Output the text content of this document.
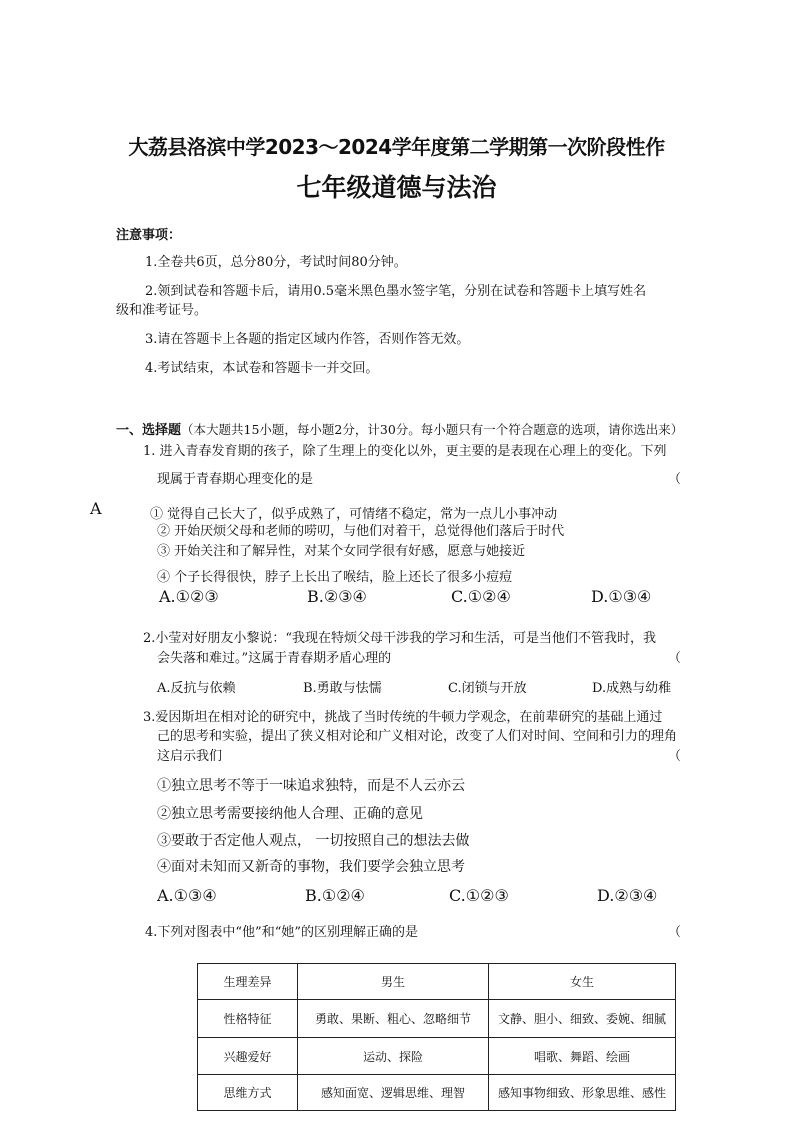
大荔县洛滨中学2023～2024学年度第二学期第一次阶段性作
七年级道德与法治
注意事项：
1.全卷共6页，总分80分，考试时间80分钟。
2.领到试卷和答题卡后，请用0.5毫米黑色墨水签字笔，分别在试卷和答题卡上填写姓名
级和准考证号。
3.请在答题卡上各题的指定区域内作答，否则作答无效。
4.考试结束，本试卷和答题卡一并交回。
一、选择题（本大题共15小题，每小题2分，计30分。每小题只有一个符合题意的选项，请你选出来）
1. 进入青春发育期的孩子，除了生理上的变化以外，更主要的是表现在心理上的变化。下列
现属于青春期心理变化的是	（
A	① 觉得自己长大了，似乎成熟了，可情绪不稳定，常为一点儿小事冲动
② 开始厌烦父母和老师的唠叨，与他们对着干，总觉得他们落后于时代
③ 开始关注和了解异性，对某个女同学很有好感，愿意与她接近
④ 个子长得很快，脖子上长出了喉结，脸上还长了很多小痘痘
A.①②③	B.②③④	C.①②④	D.①③④
2.小莹对好朋友小黎说：“我现在特烦父母干涉我的学习和生活，可是当他们不管我时，我
会失落和难过。”这属于青春期矛盾心理的	（
A.反抗与依赖	B.勇敢与怯懦	C.闭锁与开放	D.成熟与幼稚
3.爱因斯坦在相对论的研究中，挑战了当时传统的牛顿力学观念，在前辈研究的基础上通过
己的思考和实验，提出了狭义相对论和广义相对论，改变了人们对时间、空间和引力的理角
这启示我们	（
①独立思考不等于一味追求独特，而是不人云亦云
②独立思考需要接纳他人合理、正确的意见
③要敢于否定他人观点， 一切按照自己的想法去做
④面对未知而又新奇的事物，我们要学会独立思考
A.①③④	B.①②④	C.①②③	D.②③④
4.下列对图表中“他”和“她”的区别理解正确的是	（
生理差异	男生	女生
性格特征	勇敢、果断、粗心、忽略细节	文静、胆小、细致、委婉、细腻
兴趣爱好	运动、探险	唱歌、舞蹈、绘画
思维方式	感知面宽、逻辑思维、理智	感知事物细致、形象思维、感性
